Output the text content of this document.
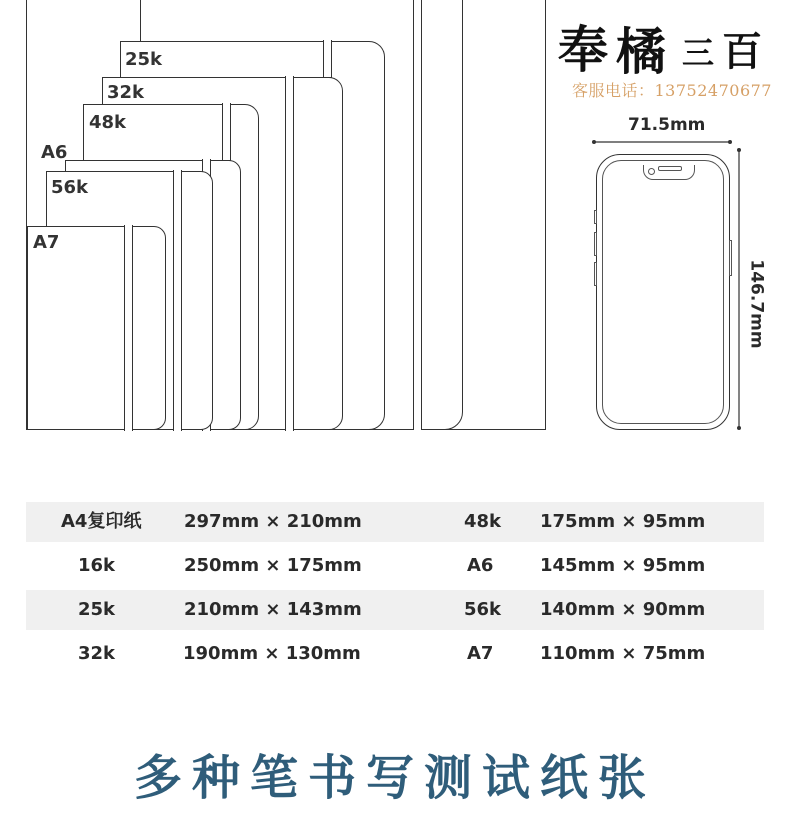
25k
32k
48k
A6
56k
A7
奉 橘 三 百
客服电话：13752470677
71.5mm
146.7mm
A4复印纸 297mm × 210mm	48k 175mm × 95mm
16k	250mm × 175mm	A6	145mm × 95mm
25k	210mm × 143mm	56k 140mm × 90mm
32k	190mm × 130mm	A7	110mm × 75mm
多种笔书写测试纸张
